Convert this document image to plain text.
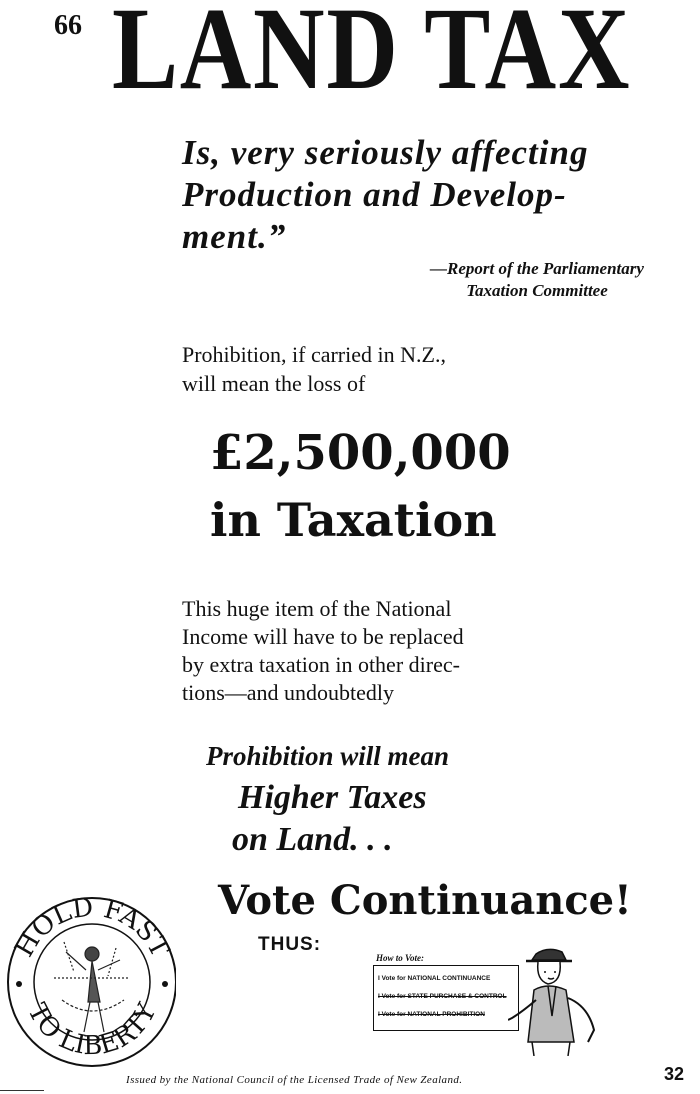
66 LAND TAX
Is, very seriously affecting
Production and Develop-
ment.”
—Report of the Parliamentary
Taxation Committee
Prohibition, if carried in N.Z.,
will mean the loss of
£2,500,000
in Taxation
This huge item of the National
Income will have to be replaced
by extra taxation in other direc-
tions—and undoubtedly
Prohibition will mean
Higher Taxes
on Land. . .
Vote Continuance!
THUS:
HOLD FAST
TO LIBERTY
How to Vote:
I Vote for NATIONAL CONTINUANCE
I Vote for STATE PURCHASE & CONTROL
I Vote for NATIONAL PROHIBITION
Issued by the National Council of the Licensed Trade of New Zealand.	32
